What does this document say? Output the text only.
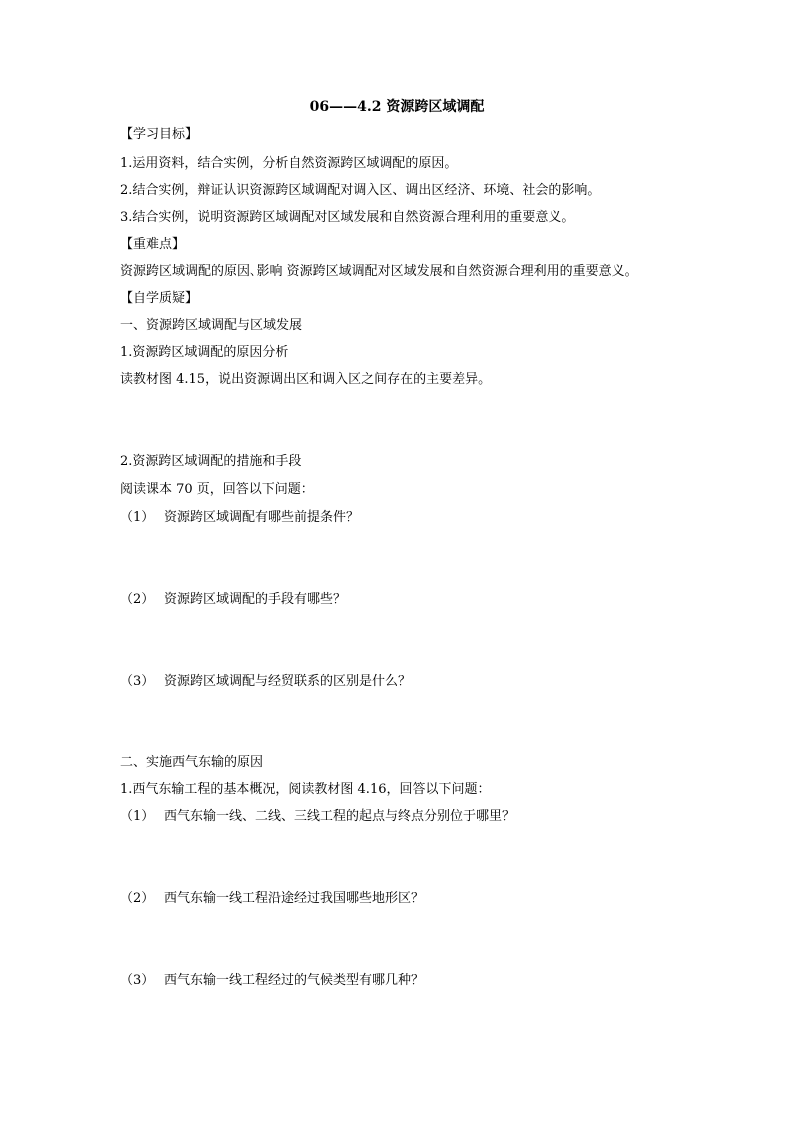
06——4.2 资源跨区域调配
【学习目标】
1.运用资料，结合实例，分析自然资源跨区域调配的原因。
2.结合实例，辩证认识资源跨区域调配对调入区、调出区经济、环境、社会的影响。
3.结合实例，说明资源跨区域调配对区域发展和自然资源合理利用的重要意义。
【重难点】
资源跨区域调配的原因､影响 资源跨区域调配对区域发展和自然资源合理利用的重要意义。
【自学质疑】
一、资源跨区域调配与区域发展
1.资源跨区域调配的原因分析
读教材图 4.15，说出资源调出区和调入区之间存在的主要差异。
2.资源跨区域调配的措施和手段
阅读课本 70 页，回答以下问题：
（1） 资源跨区域调配有哪些前提条件？
（2） 资源跨区域调配的手段有哪些？
（3） 资源跨区域调配与经贸联系的区别是什么？
二、实施西气东输的原因
1.西气东输工程的基本概况，阅读教材图 4.16，回答以下问题：
（1） 西气东输一线、二线、三线工程的起点与终点分别位于哪里？
（2） 西气东输一线工程沿途经过我国哪些地形区？
（3） 西气东输一线工程经过的气候类型有哪几种？
